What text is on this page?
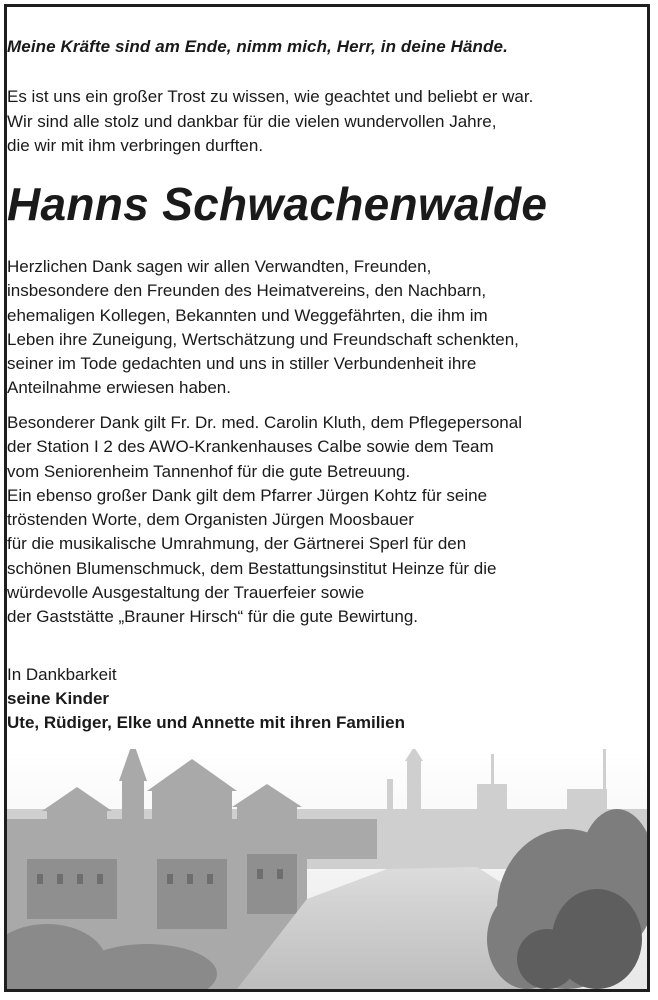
Meine Kräfte sind am Ende, nimm mich, Herr, in deine Hände.
Es ist uns ein großer Trost zu wissen, wie geachtet und beliebt er war.
Wir sind alle stolz und dankbar für die vielen wundervollen Jahre,
die wir mit ihm verbringen durften.
Hanns Schwachenwalde
Herzlichen Dank sagen wir allen Verwandten, Freunden,
insbesondere den Freunden des Heimatvereins, den Nachbarn,
ehemaligen Kollegen, Bekannten und Weggefährten, die ihm im
Leben ihre Zuneigung, Wertschätzung und Freundschaft schenkten,
seiner im Tode gedachten und uns in stiller Verbundenheit ihre
Anteilnahme erwiesen haben.
Besonderer Dank gilt Fr. Dr. med. Carolin Kluth, dem Pflegepersonal
der Station I 2 des AWO-Krankenhauses Calbe sowie dem Team
vom Seniorenheim Tannenhof für die gute Betreuung.
Ein ebenso großer Dank gilt dem Pfarrer Jürgen Kohtz für seine
tröstenden Worte, dem Organisten Jürgen Moosbauer
für die musikalische Umrahmung, der Gärtnerei Sperl für den
schönen Blumenschmuck, dem Bestattungsinstitut Heinze für die
würdevolle Ausgestaltung der Trauerfeier sowie
der Gaststätte „Brauner Hirsch“ für die gute Bewirtung.
In Dankbarkeit
seine Kinder
Ute, Rüdiger, Elke und Annette mit ihren Familien
